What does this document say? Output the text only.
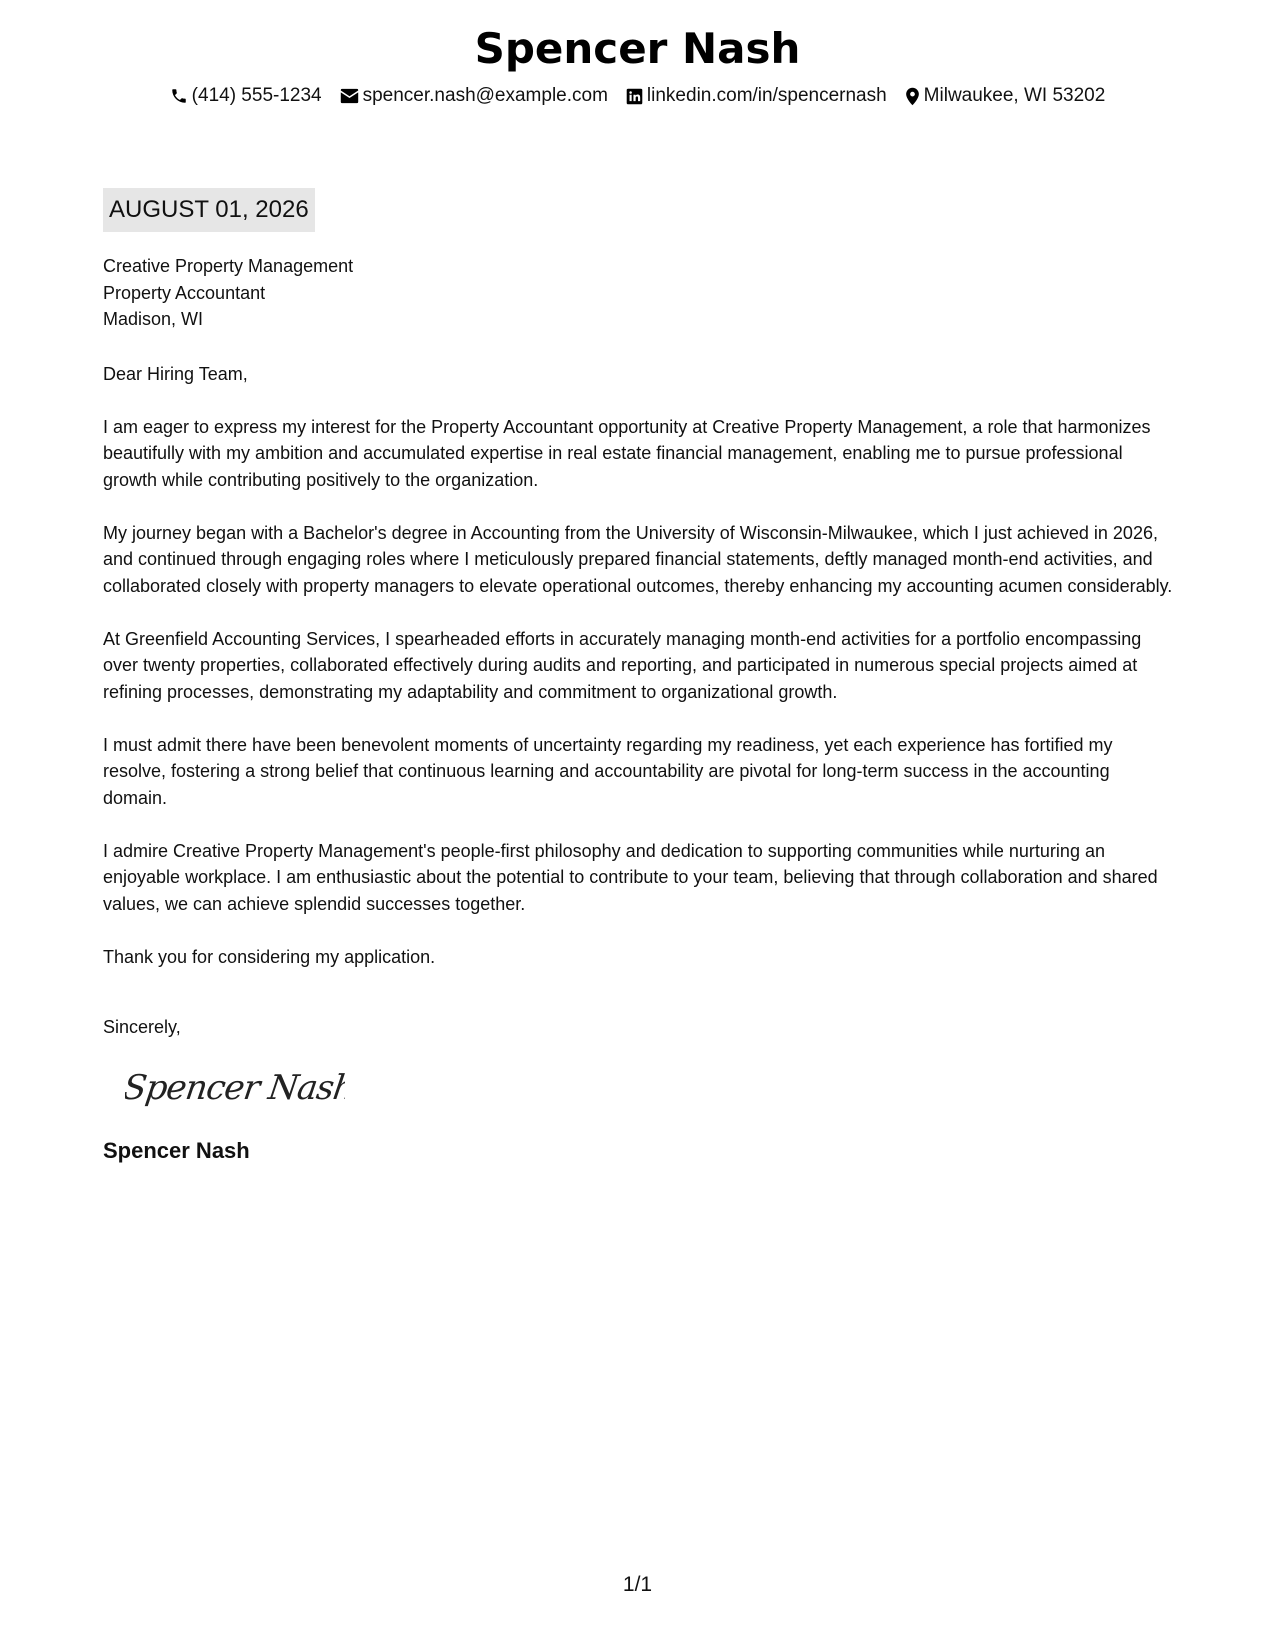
Spencer Nash
(414) 555-1234 spencer.nash@example.com linkedin.com/in/spencernash Milwaukee, WI 53202
AUGUST 01, 2026
Creative Property Management
Property Accountant
Madison, WI

Dear Hiring Team,

I am eager to express my interest for the Property Accountant opportunity at Creative Property Management, a role that harmonizes beautifully with my ambition and accumulated expertise in real estate financial management, enabling me to pursue professional growth while contributing positively to the organization.

My journey began with a Bachelor's degree in Accounting from the University of Wisconsin-Milwaukee, which I just achieved in 2026, and continued through engaging roles where I meticulously prepared financial statements, deftly managed month-end activities, and collaborated closely with property managers to elevate operational outcomes, thereby enhancing my accounting acumen considerably.

At Greenfield Accounting Services, I spearheaded efforts in accurately managing month-end activities for a portfolio encompassing over twenty properties, collaborated effectively during audits and reporting, and participated in numerous special projects aimed at refining processes, demonstrating my adaptability and commitment to organizational growth.

I must admit there have been benevolent moments of uncertainty regarding my readiness, yet each experience has fortified my resolve, fostering a strong belief that continuous learning and accountability are pivotal for long-term success in the accounting domain.

I admire Creative Property Management's people-first philosophy and dedication to supporting communities while nurturing an enjoyable workplace. I am enthusiastic about the potential to contribute to your team, believing that through collaboration and shared values, we can achieve splendid successes together.

Thank you for considering my application.

Sincerely,
Spencer Nash
Spencer Nash
1/1
